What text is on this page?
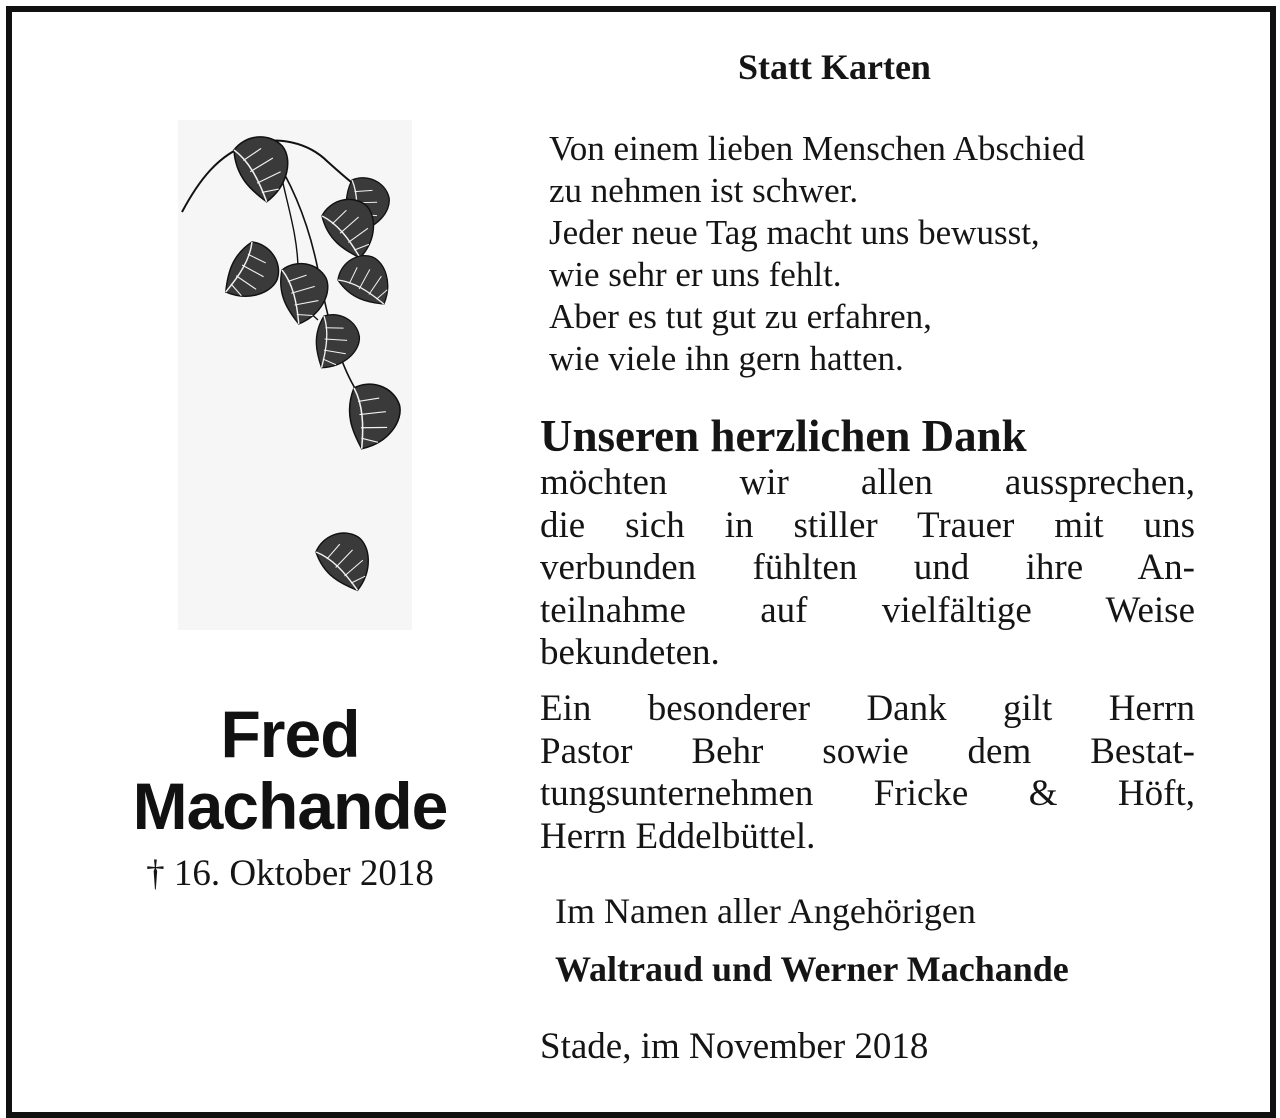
Fred
Machande
† 16. Oktober 2018
Statt Karten
Von einem lieben Menschen Abschied
zu nehmen ist schwer.
Jeder neue Tag macht uns bewusst,
wie sehr er uns fehlt.
Aber es tut gut zu erfahren,
wie viele ihn gern hatten.
Unseren herzlichen Dank
möchten wir allen aussprechen,
die sich in stiller Trauer mit uns
verbunden fühlten und ihre An-
teilnahme auf vielfältige Weise
bekundeten.
Ein besonderer Dank gilt Herrn
Pastor Behr sowie dem Bestat-
tungsunternehmen Fricke & Höft,
Herrn Eddelbüttel.
Im Namen aller Angehörigen
Waltraud und Werner Machande
Stade, im November 2018
